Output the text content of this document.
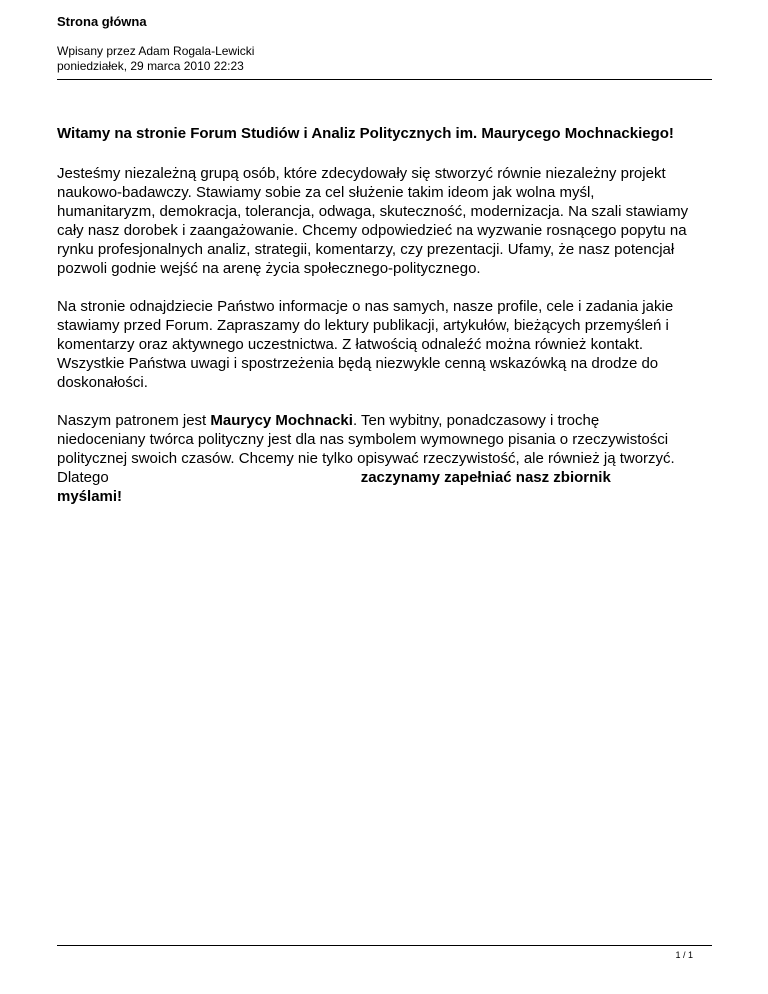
Strona główna
Wpisany przez Adam Rogala-Lewicki
poniedziałek, 29 marca 2010 22:23
Witamy na stronie Forum Studiów i Analiz Politycznych im. Maurycego Mochnackiego!
Jesteśmy niezależną grupą osób, które zdecydowały się stworzyć równie niezależny projekt
naukowo-badawczy. Stawiamy sobie za cel służenie takim ideom jak wolna myśl,
humanitaryzm, demokracja, tolerancja, odwaga, skuteczność, modernizacja. Na szali stawiamy
cały nasz dorobek i zaangażowanie. Chcemy odpowiedzieć na wyzwanie rosnącego popytu na
rynku profesjonalnych analiz, strategii, komentarzy, czy prezentacji. Ufamy, że nasz potencjał
pozwoli godnie wejść na arenę życia społecznego-politycznego.
Na stronie odnajdziecie Państwo informacje o nas samych, nasze profile, cele i zadania jakie
stawiamy przed Forum. Zapraszamy do lektury publikacji, artykułów, bieżących przemyśleń i
komentarzy oraz aktywnego uczestnictwa. Z łatwością odnaleźć można również kontakt.
Wszystkie Państwa uwagi i spostrzeżenia będą niezwykle cenną wskazówką na drodze do
doskonałości.
Naszym patronem jest Maurycy Mochnacki. Ten wybitny, ponadczasowy i trochę
niedoceniany twórca polityczny jest dla nas symbolem wymownego pisania o rzeczywistości
politycznej swoich czasów. Chcemy nie tylko opisywać rzeczywistość, ale również ją tworzyć.
Dlatego	zaczynamy zapełniać nasz zbiornik
myślami!
1 / 1
